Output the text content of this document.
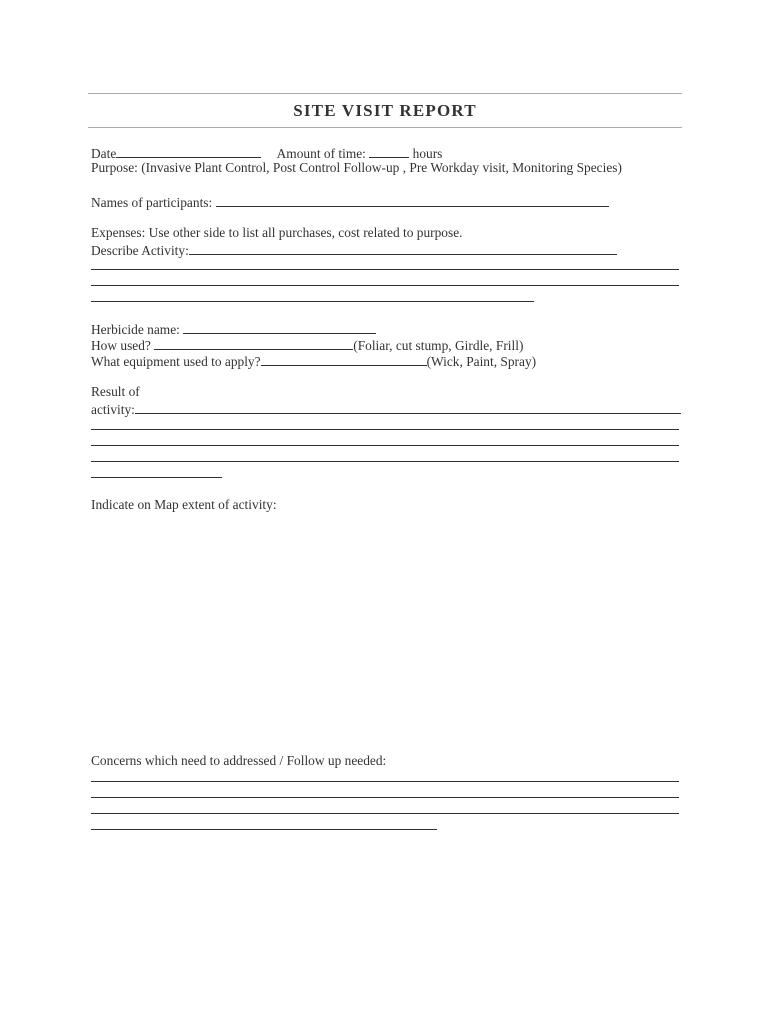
SITE VISIT REPORT
Date	Amount of time:	hours
Purpose: (Invasive Plant Control, Post Control Follow-up , Pre Workday visit, Monitoring Species)
Names of participants:
Expenses: Use other side to list all purchases, cost related to purpose.
Describe Activity:
Herbicide name:
How used?	(Foliar, cut stump, Girdle, Frill)
What equipment used to apply?	(Wick, Paint, Spray)
Result of
activity:
Indicate on Map extent of activity:
Concerns which need to addressed / Follow up needed:
